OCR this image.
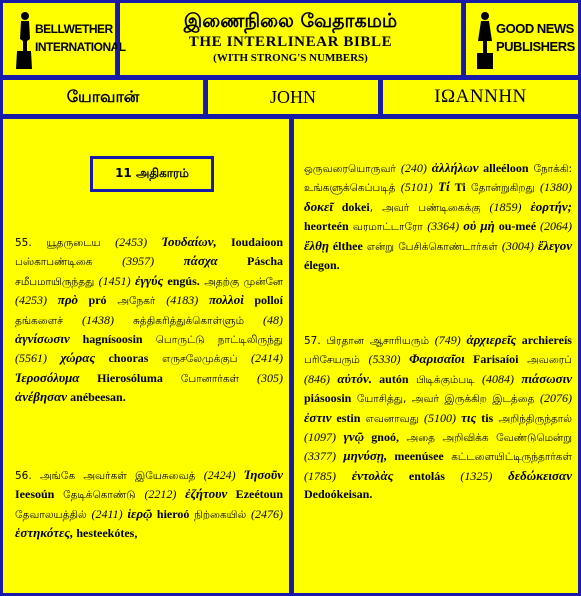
BELLWETHER
INTERNATIONAL
இணைநிலை வேதாகமம்
THE INTERLINEAR BIBLE
(WITH STRONG'S NUMBERS)
GOOD NEWS
PUBLISHERS
யோவான்	JOHN	IΩANNHN
11 அதிகாரம்
55. யூதருடைய (2453) Ἰουδαίων, Ioudaioon பஸ்காபண்டிகை (3957) πάσχα Páscha சமீபமாயிருந்தது (1451) ἐγγύς engús. அதற்கு முன்னே (4253) πρὸ pró அநேகர் (4183) πολλοὶ polloí தங்களைச் (1438) சுத்திகரித்துக்கொள்ளும் (48) ἁγνίσωσιν hagnísoosin பொருட்டு நாட்டிலிருந்து (5561) χώρας chooras எருசலேமுக்குப் (2414) Ἱεροσόλυμα Hierosóluma போனார்கள் (305) ἀνέβησαν anébeesan.
56. அங்கே அவர்கள் இயேசுவைத் (2424) Ἰησοῦν Ieesoún தேடிக்கொண்டு (2212) ἐζήτουν Ezeétoun தேவாலயத்தில் (2411) ἱερῷ hieroó நிற்கையில் (2476) ἑστηκότες, hesteekótes,
ஒருவரையொருவர் (240) ἀλλήλων alleéloon நோக்கி: உங்களுக்கெப்படித் (5101) Τί Ti தோன்றுகிறது (1380) δοκεῖ dokei, அவர் பண்டிகைக்கு (1859) ἑορτήν; heorteén வரமாட்டாரோ (3364) οὐ μὴ ou-meé (2064) ἔλθῃ élthee என்று பேசிக்கொண்டார்கள் (3004) ἔλεγον élegon.
57. பிரதான ஆசாரியரும் (749) ἀρχιερεῖς archiereís பரிசேயரும் (5330) Φαρισαῖοι Farisaíoi அவரைப் (846) αὐτόν. autón பிடிக்கும்படி (4084) πιάσωσιν piásoosin யோசித்து, அவர் இருக்கிற இடத்தை (2076) ἐστιν estin எவனாவது (5100) τις tis அறிந்திருந்தால் (1097) γνῷ gnoó, அதை அறிவிக்க வேண்டுமென்று (3377) μηνύσῃ, meenúsee கட்டளையிட்டிருந்தார்கள் (1785) ἐντολὰς entolás (1325) δεδώκεισαν Dedoókeisan.
